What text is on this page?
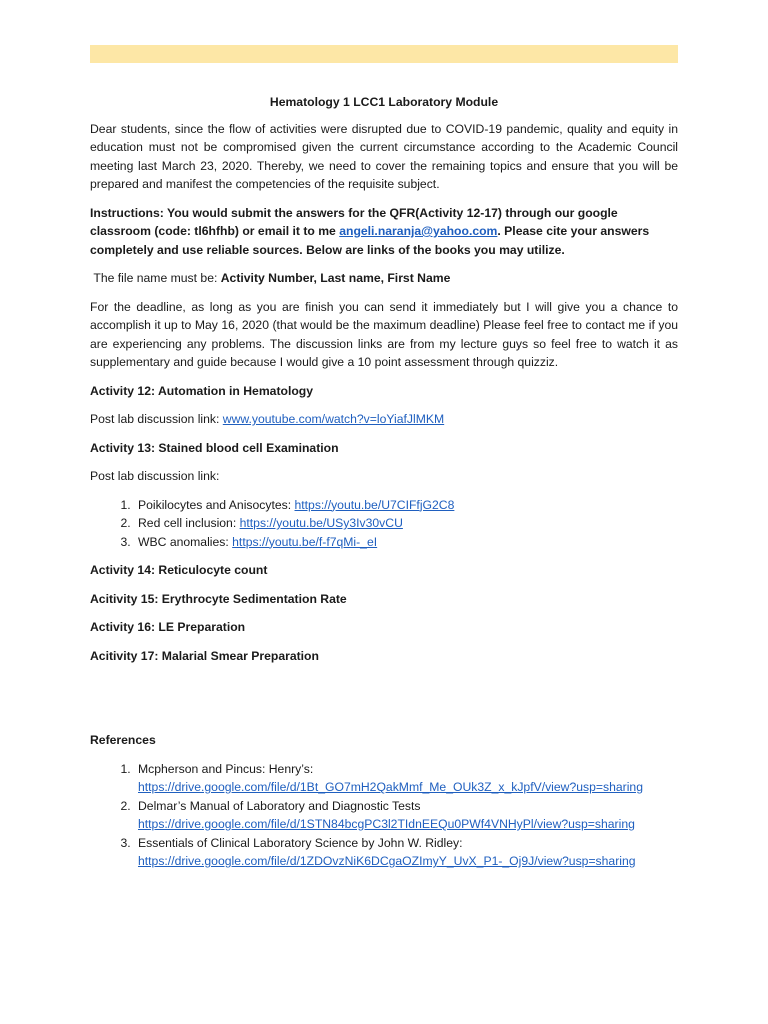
Hematology 1 LCC1 Laboratory Module

Dear students, since the flow of activities were disrupted due to COVID-19 pandemic, quality and equity in education must not be compromised given the current circumstance according to the Academic Council meeting last March 23, 2020. Thereby, we need to cover the remaining topics and ensure that you will be prepared and manifest the competencies of the requisite subject.

Instructions: You would submit the answers for the QFR(Activity 12-17) through our google classroom (code: tl6hfhb) or email it to me angeli.naranja@yahoo.com. Please cite your answers completely and use reliable sources. Below are links of the books you may utilize.

The file name must be: Activity Number, Last name, First Name

For the deadline, as long as you are finish you can send it immediately but I will give you a chance to accomplish it up to May 16, 2020 (that would be the maximum deadline) Please feel free to contact me if you are experiencing any problems. The discussion links are from my lecture guys so feel free to watch it as supplementary and guide because I would give a 10 point assessment through quizziz.

Activity 12: Automation in Hematology

Post lab discussion link: www.youtube.com/watch?v=loYiafJlMKM

Activity 13: Stained blood cell Examination

Post lab discussion link:

1. Poikilocytes and Anisocytes: https://youtu.be/U7CIFfjG2C8
2. Red cell inclusion: https://youtu.be/USy3Iv30vCU
3. WBC anomalies: https://youtu.be/f-f7qMi-_eI
Activity 14: Reticulocyte count
Acitivity 15: Erythrocyte Sedimentation Rate
Activity 16: LE Preparation
Acitivity 17: Malarial Smear Preparation
References
1. Mcpherson and Pincus: Henry’s:
https://drive.google.com/file/d/1Bt_GO7mH2QakMmf_Me_OUk3Z_x_kJpfV/view?usp=sharing
2. Delmar’s Manual of Laboratory and Diagnostic Tests
https://drive.google.com/file/d/1STN84bcgPC3l2TIdnEEQu0PWf4VNHyPl/view?usp=sharing
3. Essentials of Clinical Laboratory Science by John W. Ridley:
https://drive.google.com/file/d/1ZDOvzNiK6DCgaOZImyY_UvX_P1-_Oj9J/view?usp=sharing
